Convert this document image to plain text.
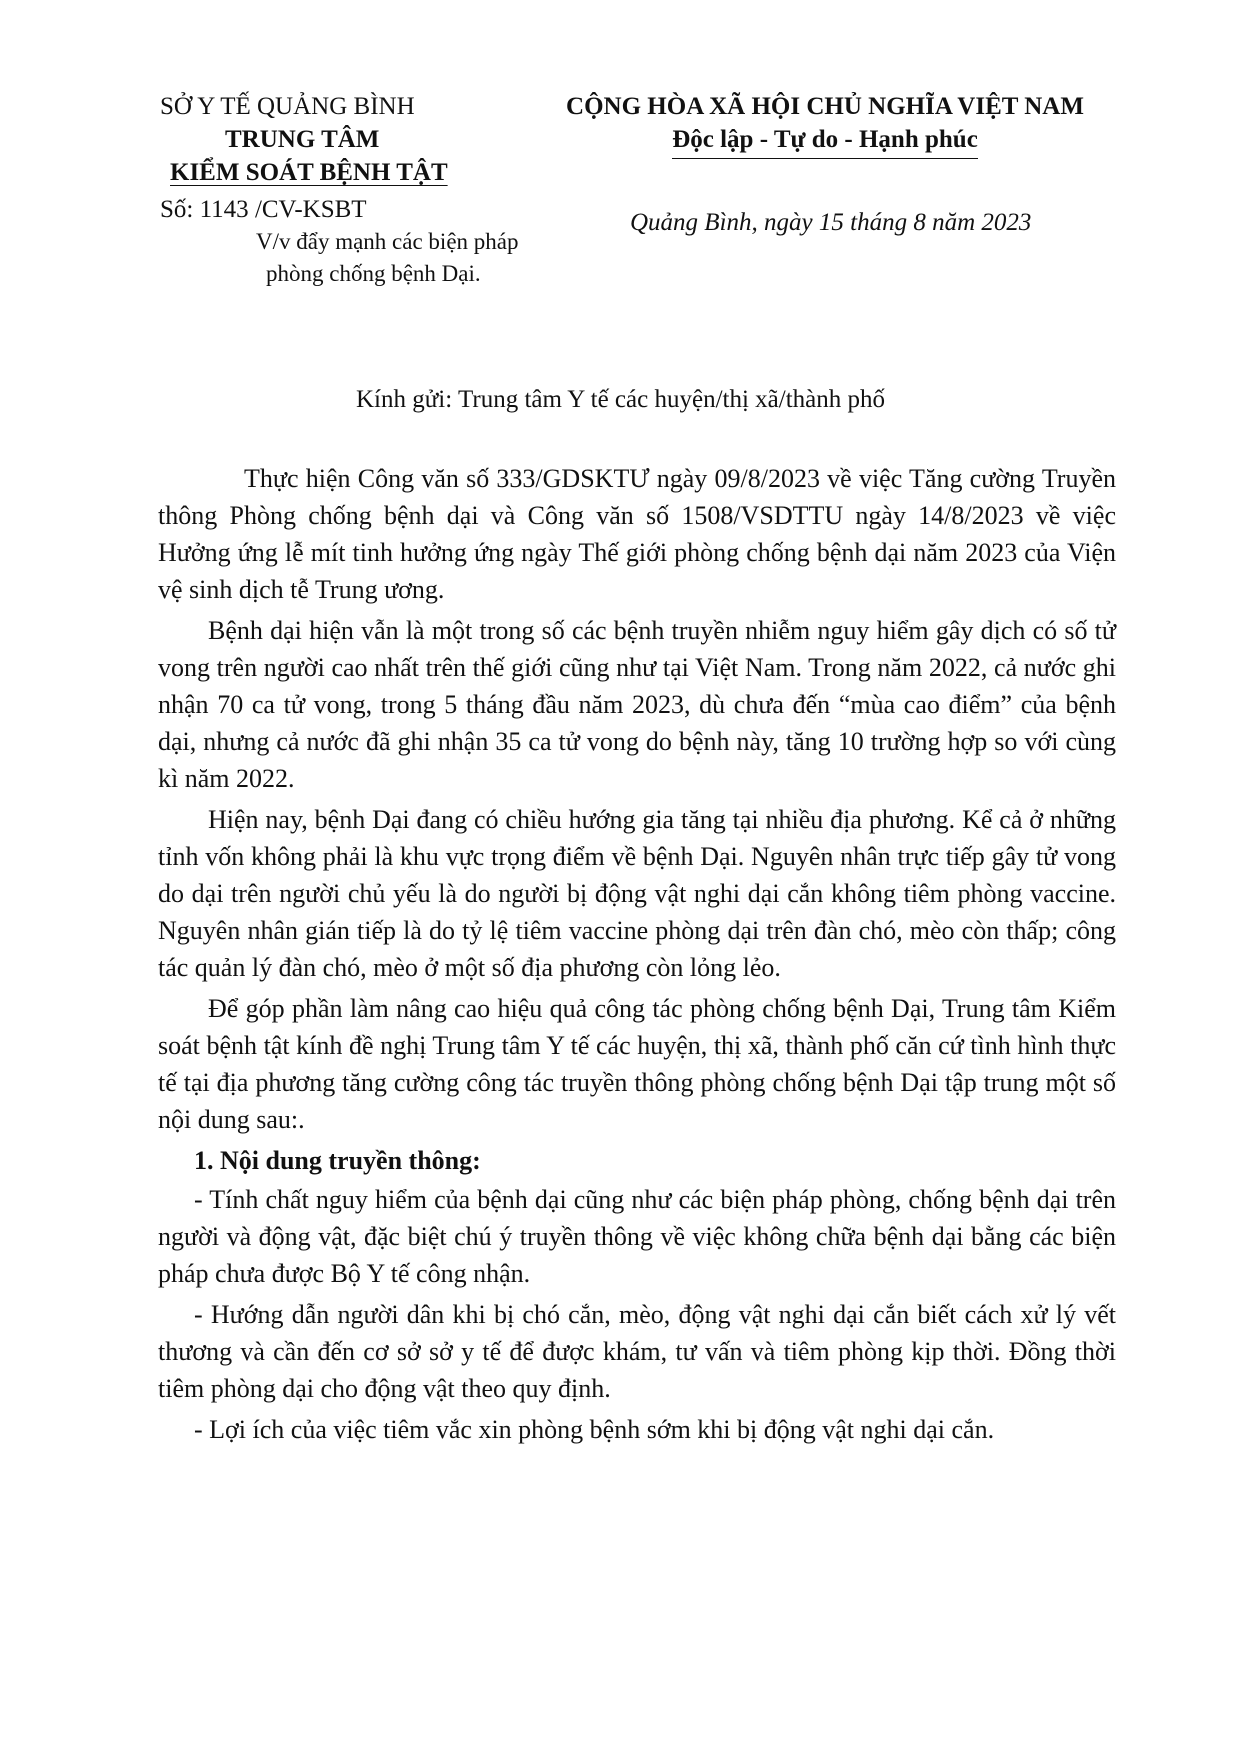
SỞ Y TẾ QUẢNG BÌNH
TRUNG TÂM
KIỂM SOÁT BỆNH TẬT
Số: 1143 /CV-KSBT
V/v đẩy mạnh các biện pháp
phòng chống bệnh Dại.
CỘNG HÒA XÃ HỘI CHỦ NGHĨA VIỆT NAM
Độc lập - Tự do - Hạnh phúc
Quảng Bình, ngày 15 tháng 8 năm 2023
Kính gửi: Trung tâm Y tế các huyện/thị xã/thành phố

Thực hiện Công văn số 333/GDSKTƯ ngày 09/8/2023 về việc Tăng cường Truyền thông Phòng chống bệnh dại và Công văn số 1508/VSDTTU ngày 14/8/2023 về việc Hưởng ứng lễ mít tinh hưởng ứng ngày Thế giới phòng chống bệnh dại năm 2023 của Viện vệ sinh dịch tễ Trung ương.

Bệnh dại hiện vẫn là một trong số các bệnh truyền nhiễm nguy hiểm gây dịch có số tử vong trên người cao nhất trên thế giới cũng như tại Việt Nam. Trong năm 2022, cả nước ghi nhận 70 ca tử vong, trong 5 tháng đầu năm 2023, dù chưa đến “mùa cao điểm” của bệnh dại, nhưng cả nước đã ghi nhận 35 ca tử vong do bệnh này, tăng 10 trường hợp so với cùng kì năm 2022.

Hiện nay, bệnh Dại đang có chiều hướng gia tăng tại nhiều địa phương. Kể cả ở những tỉnh vốn không phải là khu vực trọng điểm về bệnh Dại. Nguyên nhân trực tiếp gây tử vong do dại trên người chủ yếu là do người bị động vật nghi dại cắn không tiêm phòng vaccine. Nguyên nhân gián tiếp là do tỷ lệ tiêm vaccine phòng dại trên đàn chó, mèo còn thấp; công tác quản lý đàn chó, mèo ở một số địa phương còn lỏng lẻo.

Để góp phần làm nâng cao hiệu quả công tác phòng chống bệnh Dại, Trung tâm Kiểm soát bệnh tật kính đề nghị Trung tâm Y tế các huyện, thị xã, thành phố căn cứ tình hình thực tế tại địa phương tăng cường công tác truyền thông phòng chống bệnh Dại tập trung một số nội dung sau:.

1. Nội dung truyền thông:

- Tính chất nguy hiểm của bệnh dại cũng như các biện pháp phòng, chống bệnh dại trên người và động vật, đặc biệt chú ý truyền thông về việc không chữa bệnh dại bằng các biện pháp chưa được Bộ Y tế công nhận.

- Hướng dẫn người dân khi bị chó cắn, mèo, động vật nghi dại cắn biết cách xử lý vết thương và cần đến cơ sở sở y tế để được khám, tư vấn và tiêm phòng kịp thời. Đồng thời tiêm phòng dại cho động vật theo quy định.

- Lợi ích của việc tiêm vắc xin phòng bệnh sớm khi bị động vật nghi dại cắn.
